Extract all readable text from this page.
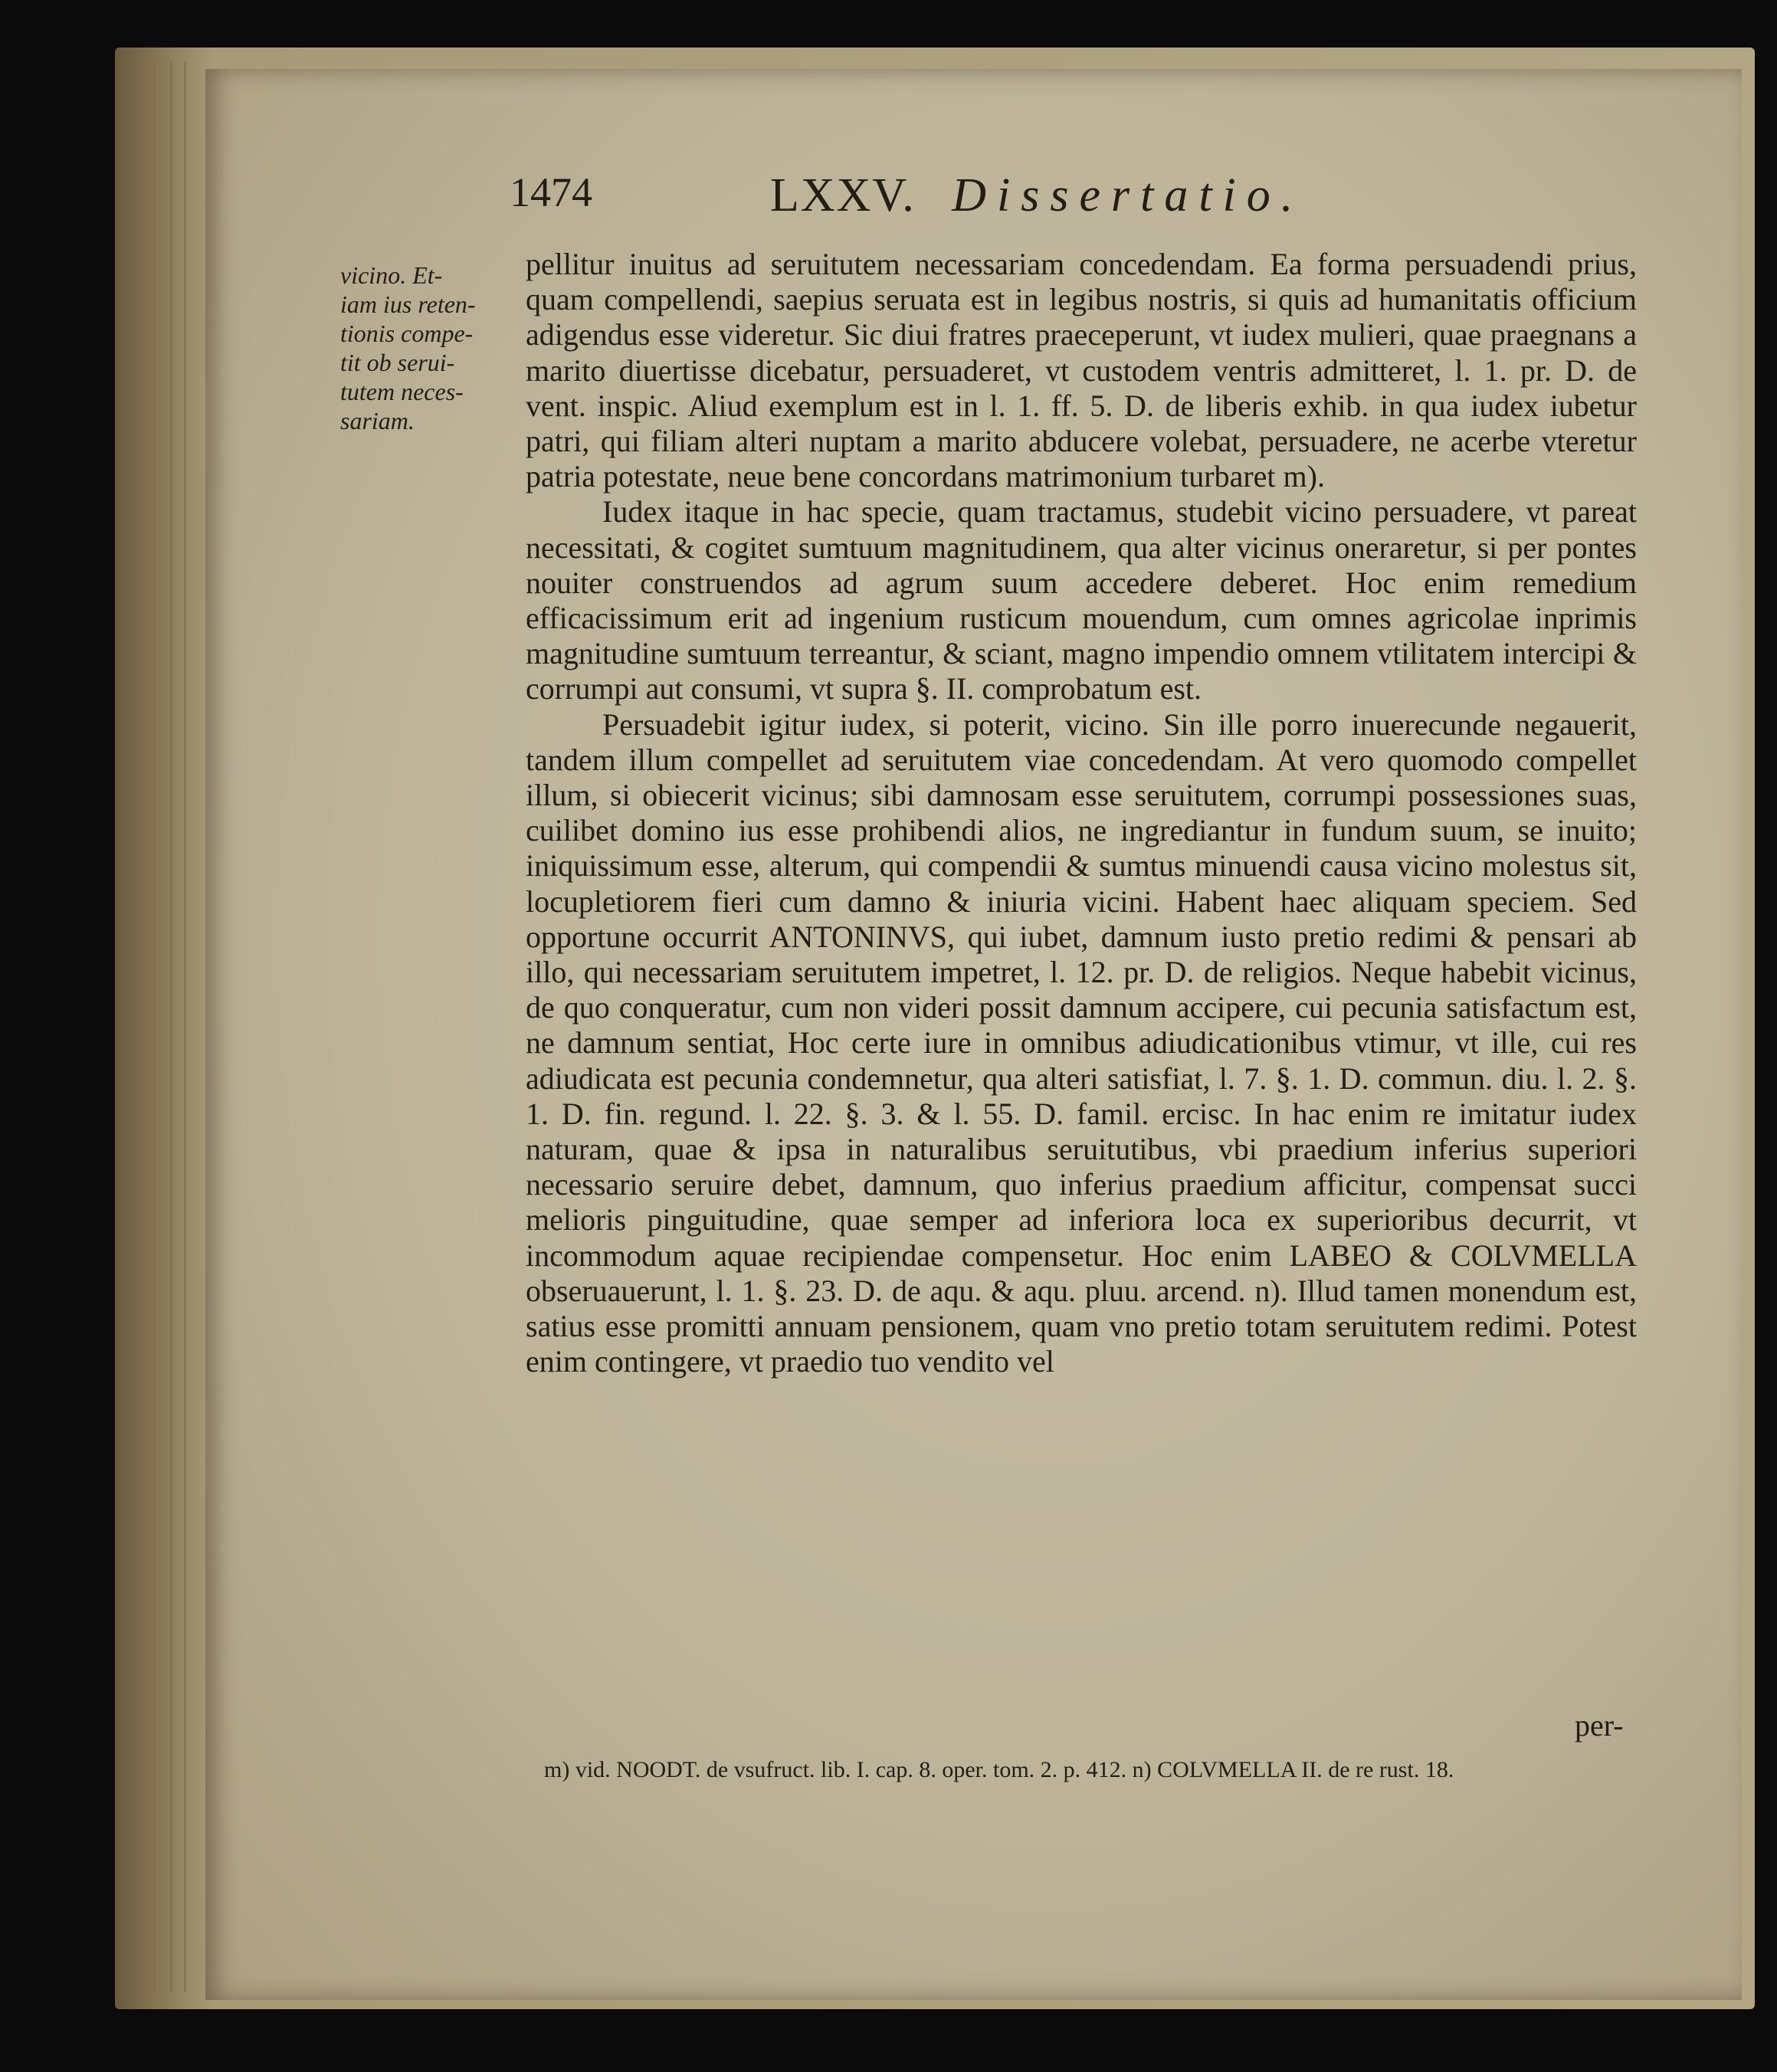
1474	LXXV. Dissertatio.
vicino. Et-
iam ius reten-
tionis compe-
tit ob serui-
tutem neces-
sariam.

pellitur inuitus ad seruitutem necessariam concedendam. Ea forma persuadendi prius, quam compellendi, saepius seruata est in legibus nostris, si quis ad humanitatis officium adigendus esse videretur. Sic diui fratres praeceperunt, vt iudex mulieri, quae praegnans a marito diuertisse dicebatur, persuaderet, vt custodem ventris admitteret, l. 1. pr. D. de vent. inspic. Aliud exemplum est in l. 1. ff. 5. D. de liberis exhib. in qua iudex iubetur patri, qui filiam alteri nuptam a marito abducere volebat, persuadere, ne acerbe vteretur patria potestate, neue bene concordans matrimonium turbaret m).

Iudex itaque in hac specie, quam tractamus, studebit vicino persuadere, vt pareat necessitati, & cogitet sumtuum magnitudinem, qua alter vicinus oneraretur, si per pontes nouiter construendos ad agrum suum accedere deberet. Hoc enim remedium efficacissimum erit ad ingenium rusticum mouendum, cum omnes agricolae inprimis magnitudine sumtuum terreantur, & sciant, magno impendio omnem vtilitatem intercipi & corrumpi aut consumi, vt supra §. II. comprobatum est.

Persuadebit igitur iudex, si poterit, vicino. Sin ille porro inuerecunde negauerit, tandem illum compellet ad seruitutem viae concedendam. At vero quomodo compellet illum, si obiecerit vicinus; sibi damnosam esse seruitutem, corrumpi possessiones suas, cuilibet domino ius esse prohibendi alios, ne ingrediantur in fundum suum, se inuito; iniquissimum esse, alterum, qui compendii & sumtus minuendi causa vicino molestus sit, locupletiorem fieri cum damno & iniuria vicini. Habent haec aliquam speciem. Sed opportune occurrit ANTONINVS, qui iubet, damnum iusto pretio redimi & pensari ab illo, qui necessariam seruitutem impetret, l. 12. pr. D. de religios. Neque habebit vicinus, de quo conqueratur, cum non videri possit damnum accipere, cui pecunia satisfactum est, ne damnum sentiat, Hoc certe iure in omnibus adiudicationibus vtimur, vt ille, cui res adiudicata est pecunia condemnetur, qua alteri satisfiat, l. 7. §. 1. D. commun. diu. l. 2. §. 1. D. fin. regund. l. 22. §. 3. & l. 55. D. famil. ercisc. In hac enim re imitatur iudex naturam, quae & ipsa in naturalibus seruitutibus, vbi praedium inferius superiori necessario seruire debet, damnum, quo inferius praedium afficitur, compensat succi melioris pinguitudine, quae semper ad inferiora loca ex superioribus decurrit, vt incommodum aquae recipiendae compensetur. Hoc enim LABEO & COLVMELLA obseruauerunt, l. 1. §. 23. D. de aqu. & aqu. pluu. arcend. n). Illud tamen monendum est, satius esse promitti annuam pensionem, quam vno pretio totam seruitutem redimi. Potest enim contingere, vt praedio tuo vendito vel

per-
m) vid. NOODT. de vsufruct. lib. I. cap. 8. oper. tom. 2. p. 412. n) COLVMELLA II. de re rust. 18.
